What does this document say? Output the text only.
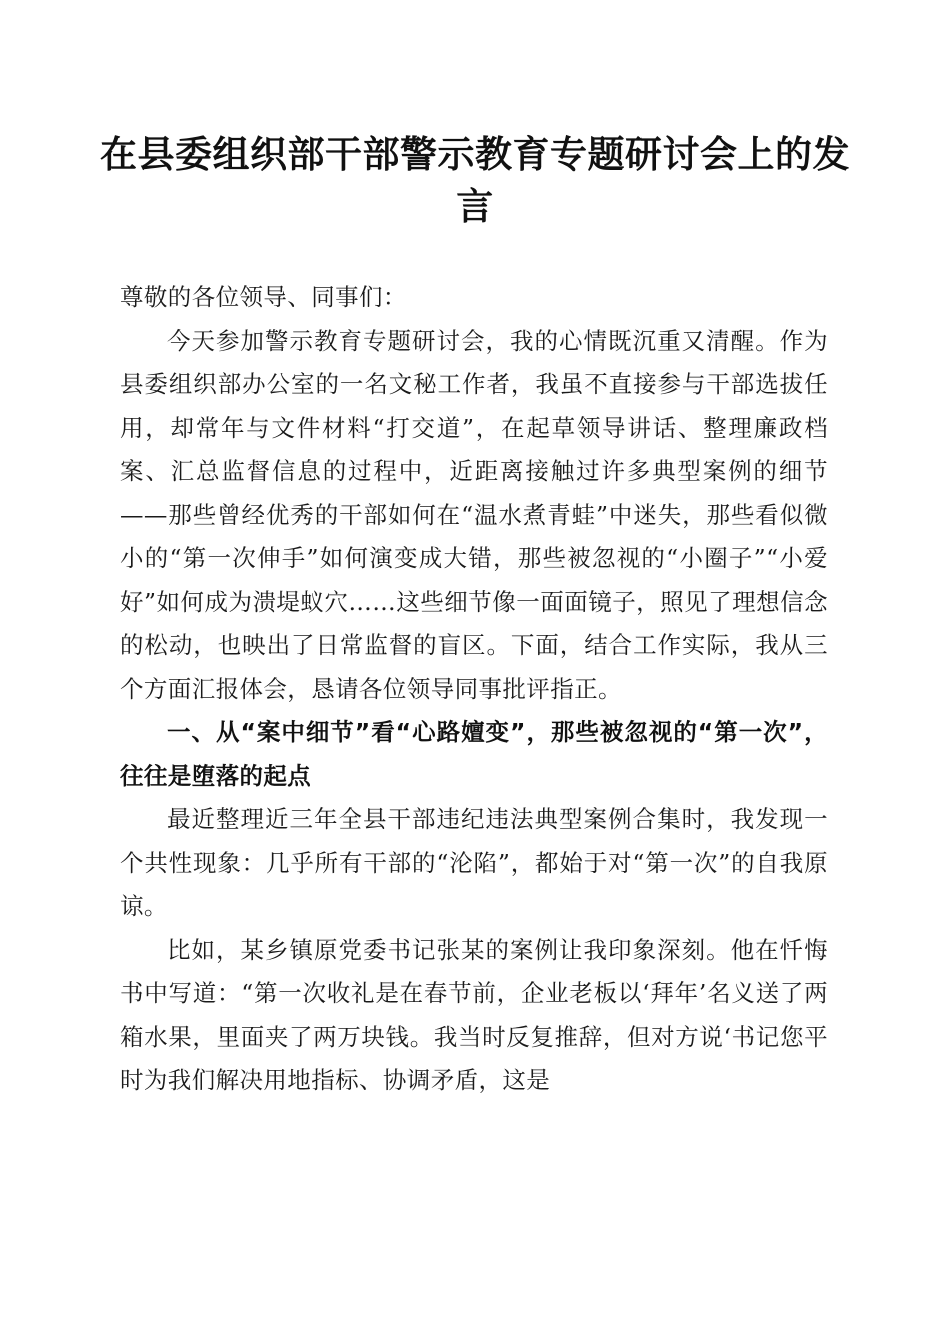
在县委组织部干部警示教育专题研讨会上的发言

尊敬的各位领导、同事们：

今天参加警示教育专题研讨会，我的心情既沉重又清醒。作为县委组织部办公室的一名文秘工作者，我虽不直接参与干部选拔任用，却常年与文件材料“打交道”，在起草领导讲话、整理廉政档案、汇总监督信息的过程中，近距离接触过许多典型案例的细节——那些曾经优秀的干部如何在“温水煮青蛙”中迷失，那些看似微小的“第一次伸手”如何演变成大错，那些被忽视的“小圈子”“小爱好”如何成为溃堤蚁穴……这些细节像一面面镜子，照见了理想信念的松动，也映出了日常监督的盲区。下面，结合工作实际，我从三个方面汇报体会，恳请各位领导同事批评指正。

一、从“案中细节”看“心路嬗变”，那些被忽视的“第一次”，往往是堕落的起点

最近整理近三年全县干部违纪违法典型案例合集时，我发现一个共性现象：几乎所有干部的“沦陷”，都始于对“第一次”的自我原谅。

比如，某乡镇原党委书记张某的案例让我印象深刻。他在忏悔书中写道：“第一次收礼是在春节前，企业老板以‘拜年’名义送了两箱水果，里面夹了两万块钱。我当时反复推辞，但对方说‘书记您平时为我们解决用地指标、协调矛盾，这是
